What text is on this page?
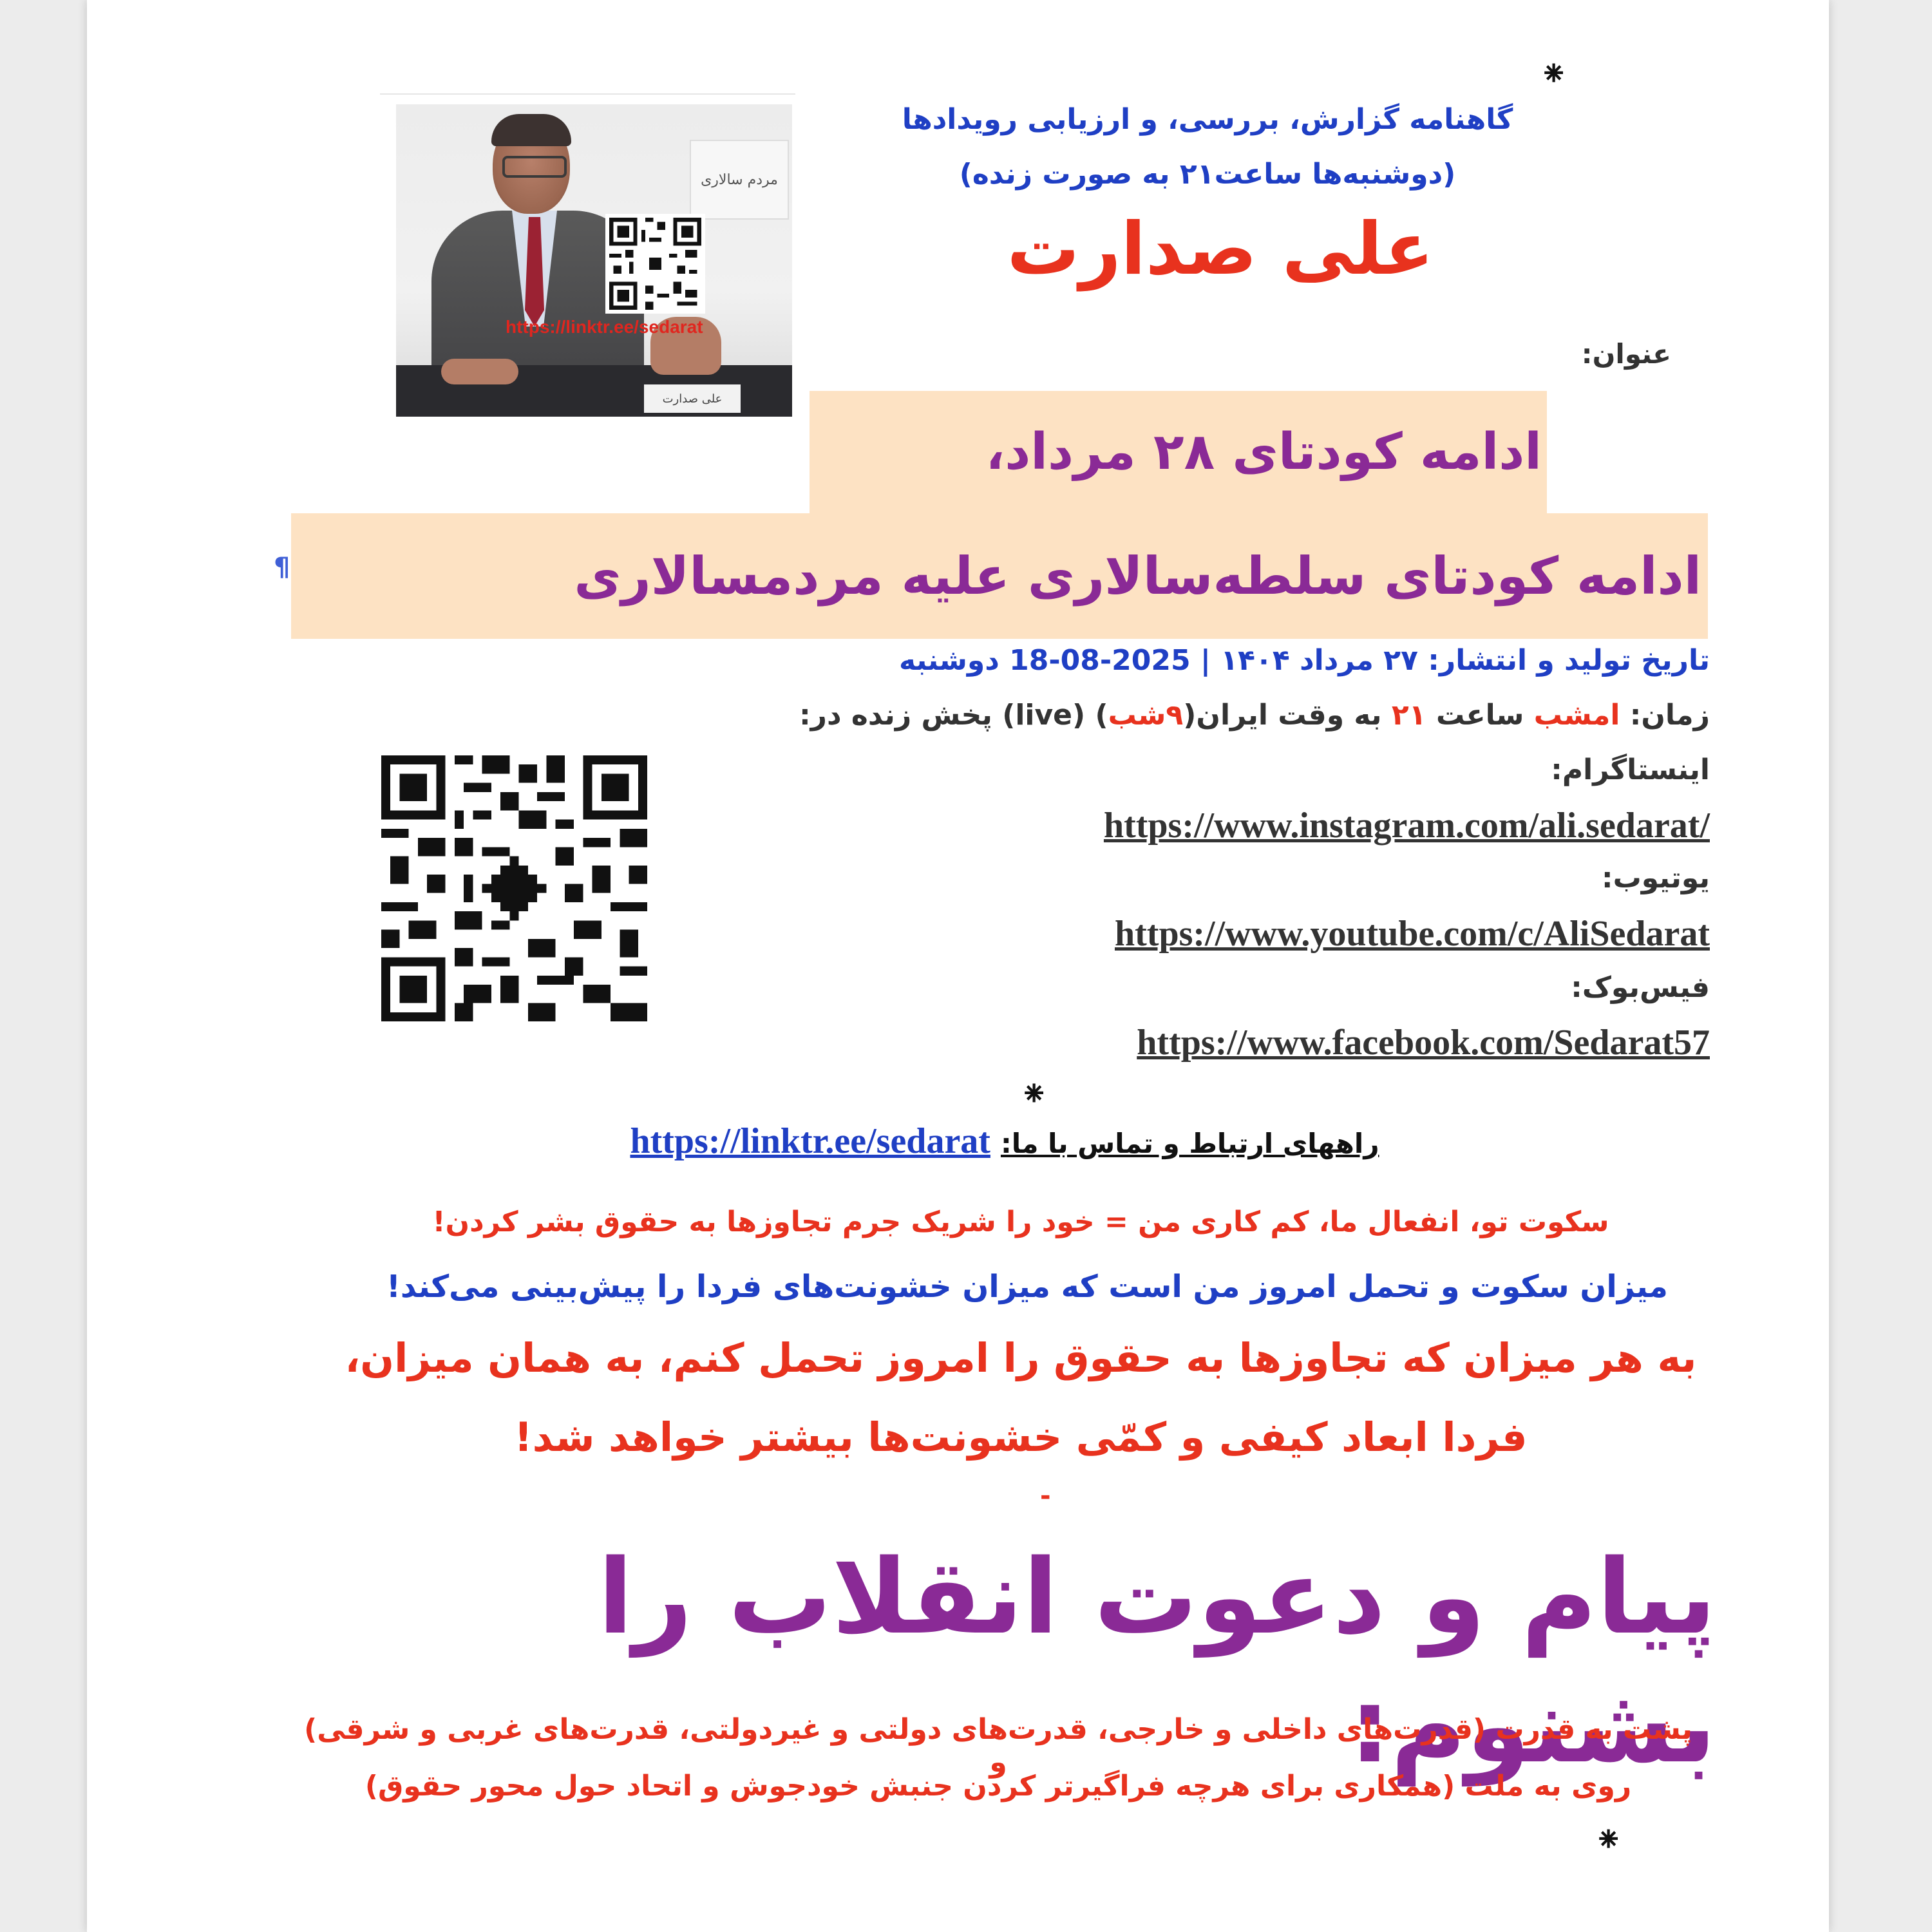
⁕
مردم سالاری
علی صدارت
https://linktr.ee/sedarat
گاهنامه گزارش، بررسی، و ارزیابی رویدادها
(دوشنبه‌ها ساعت۲۱ به صورت زنده)
علی صدارت
عنوان:
ادامه کودتای ۲۸ مرداد،
ادامه کودتای سلطه‌سالاری علیه مردمسالاری
¶
تاریخ تولید و انتشار: ۲۷ مرداد ۱۴۰۴ | 2025-08-18 دوشنبه
زمان: امشب ساعت ۲۱ به وقت ایران(۹شب) (live) پخش زنده در:
اینستاگرام:
https://www.instagram.com/ali.sedarat/
یوتیوب:
https://www.youtube.com/c/AliSedarat
فیس‌بوک:
https://www.facebook.com/Sedarat57
⁕
https://linktr.ee/sedarat راههای ارتباط و تماس با ما:
سکوت تو، انفعال ما، کم کاری من = خود را شریک جرم تجاوزها به حقوق بشر کردن!
میزان سکوت و تحمل امروز من است که میزان خشونت‌های فردا را پیش‌بینی می‌کند!
به هر میزان که تجاوزها به حقوق را امروز تحمل کنم، به همان میزان،
فردا ابعاد کیفی و کمّی خشونت‌ها بیشتر خواهد شد!
-
پیام و دعوت انقلاب را بشنوم:
پشت به قدرت (قدرت‌های داخلی و خارجی، قدرت‌های دولتی و غیردولتی، قدرت‌های غربی و شرقی) و
روی به ملت (همکاری برای هرچه فراگیرتر کردن جنبش خودجوش و اتحاد حول محور حقوق)
⁕
